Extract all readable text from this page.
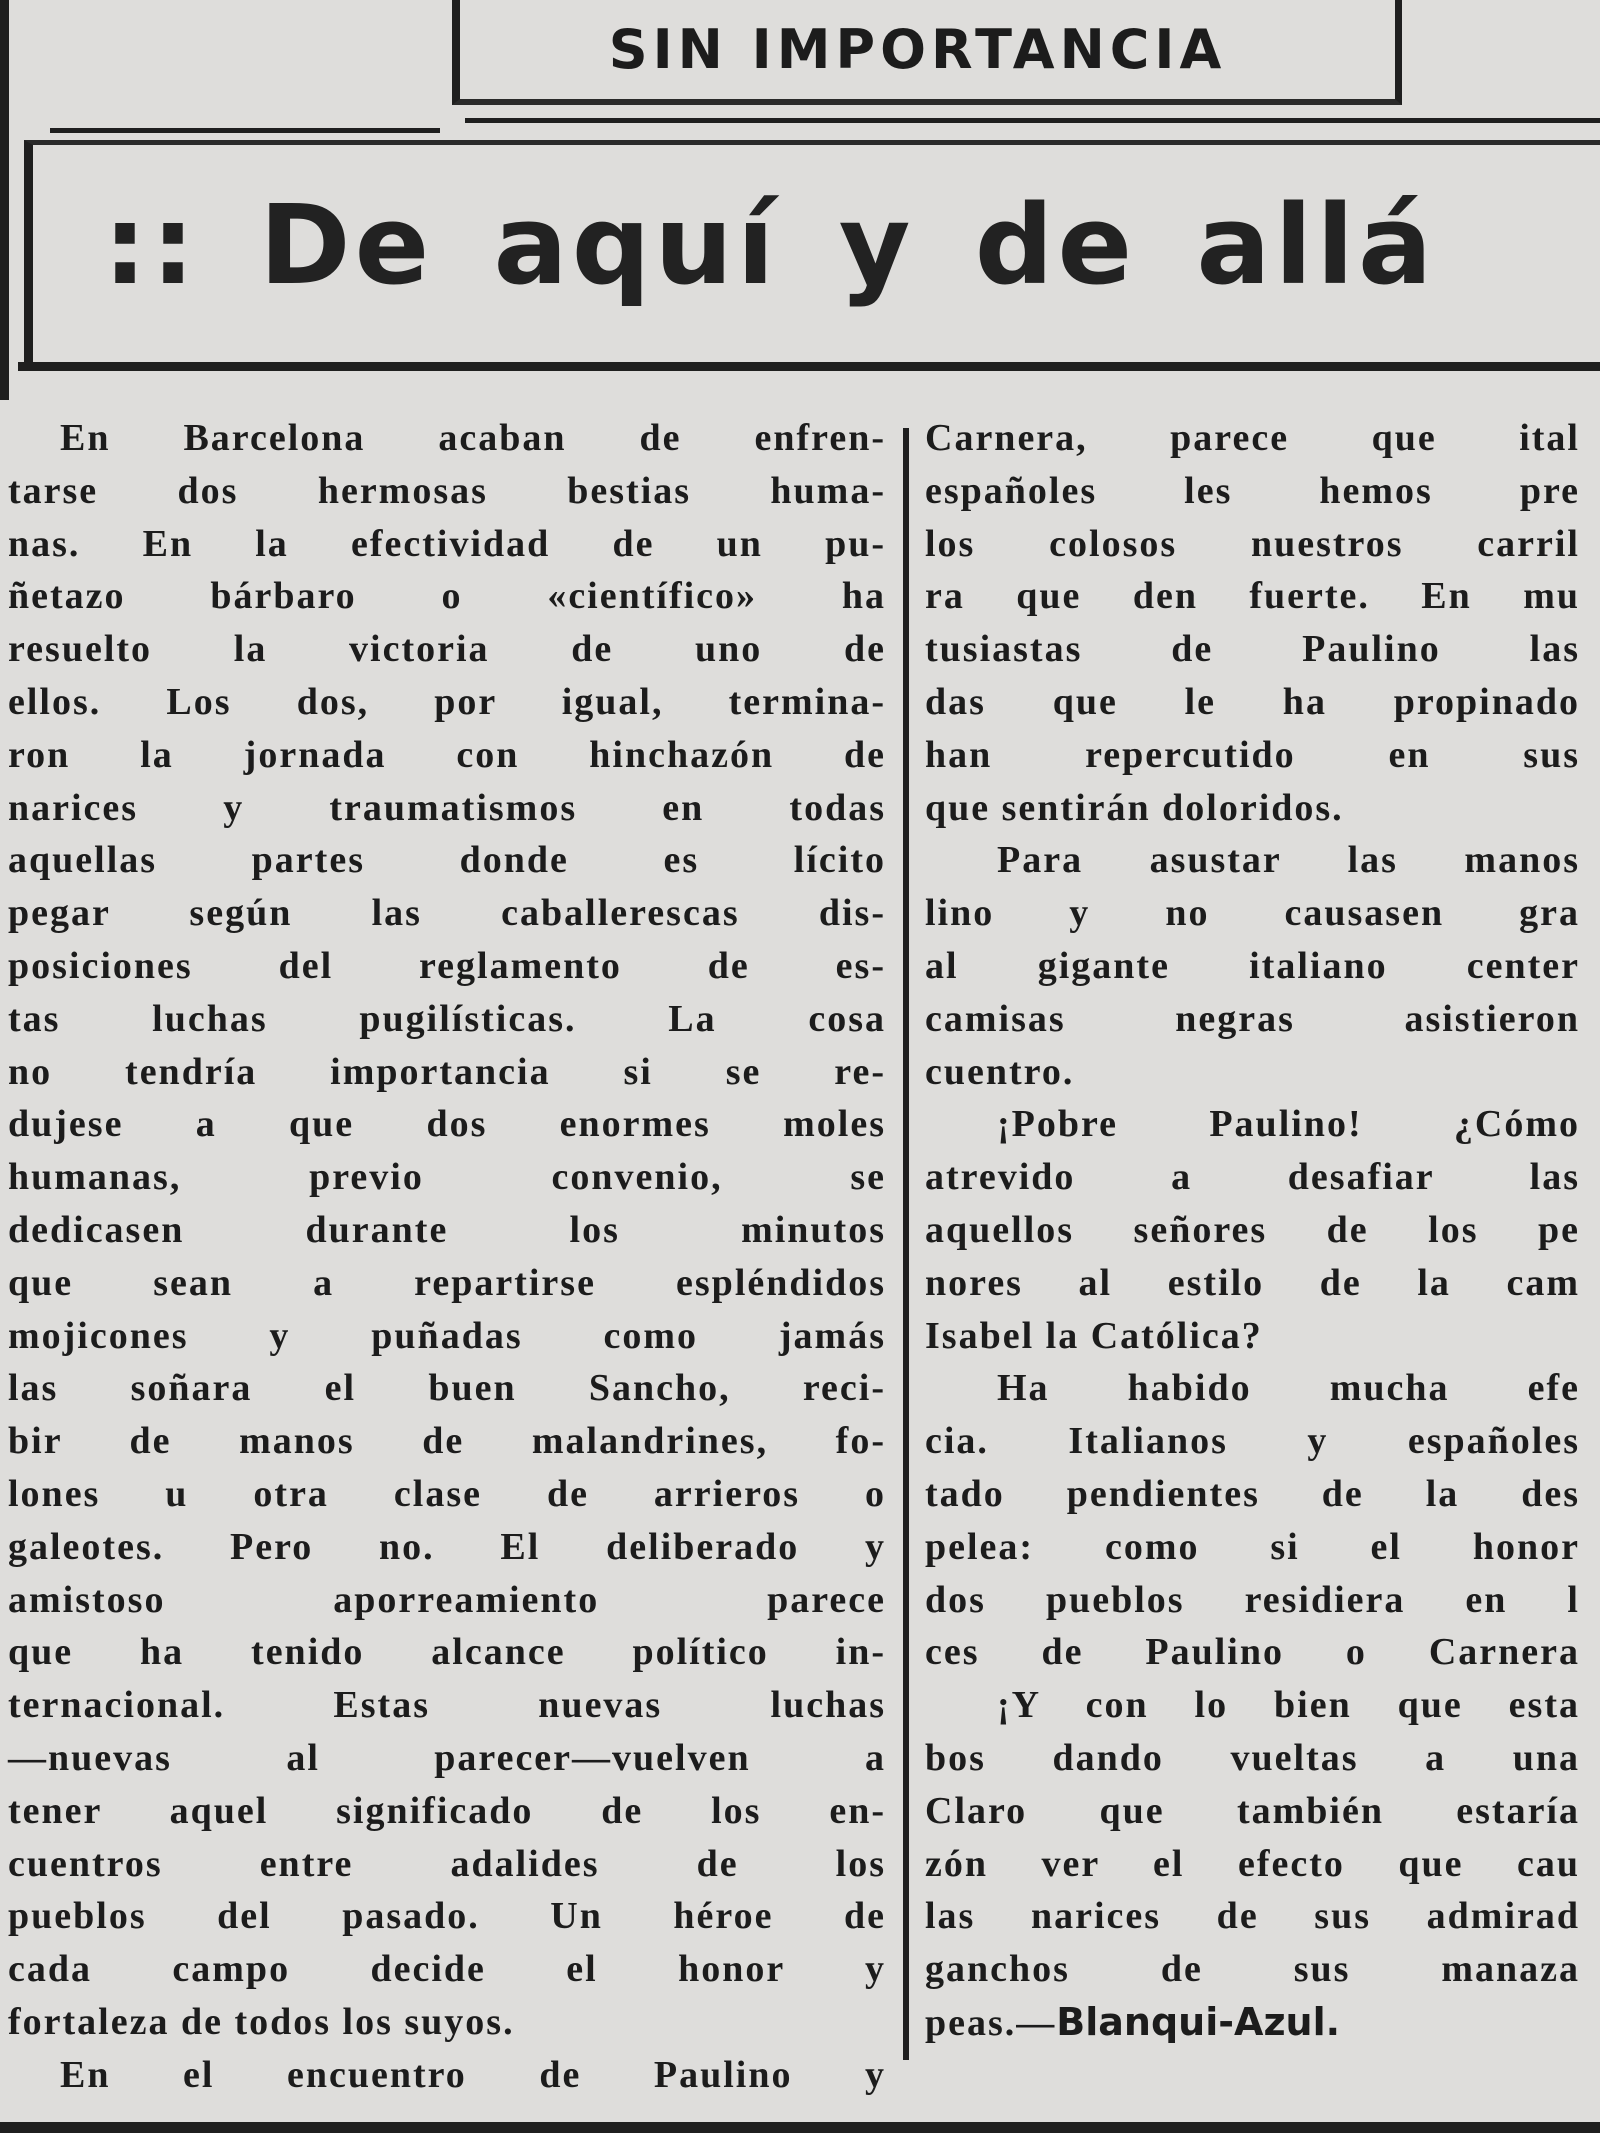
SIN IMPORTANCIA
:: De aquí y de allá
En Barcelona acaban de enfren-
tarse dos hermosas bestias huma-
nas. En la efectividad de un pu-
ñetazo bárbaro o «científico» ha
resuelto la victoria de uno de
ellos. Los dos, por igual, termina-
ron la jornada con hinchazón de
narices y traumatismos en todas
aquellas partes donde es lícito
pegar según las caballerescas dis-
posiciones del reglamento de es-
tas luchas pugilísticas. La cosa
no tendría importancia si se re-
dujese a que dos enormes moles
humanas, previo convenio, se
dedicasen durante los minutos
que sean a repartirse espléndidos
mojicones y puñadas como jamás
las soñara el buen Sancho, reci-
bir de manos de malandrines, fo-
lones u otra clase de arrieros o
galeotes. Pero no. El deliberado y
amistoso aporreamiento parece
que ha tenido alcance político in-
ternacional. Estas nuevas luchas
—nuevas al parecer—vuelven a
tener aquel significado de los en-
cuentros entre adalides de los
pueblos del pasado. Un héroe de
cada campo decide el honor y
fortaleza de todos los suyos.
En el encuentro de Paulino y
Carnera, parece que ital
españoles les hemos pre
los colosos nuestros carril
ra que den fuerte. En mu
tusiastas de Paulino las
das que le ha propinado
han repercutido en sus
que sentirán doloridos.
Para asustar las manos
lino y no causasen gra
al gigante italiano center
camisas negras asistieron
cuentro.
¡Pobre Paulino! ¿Cómo
atrevido a desafiar las
aquellos señores de los pe
nores al estilo de la cam
Isabel la Católica?
Ha habido mucha efe
cia. Italianos y españoles
tado pendientes de la des
pelea: como si el honor
dos pueblos residiera en l
ces de Paulino o Carnera
¡Y con lo bien que esta
bos dando vueltas a una
Claro que también estaría
zón ver el efecto que cau
las narices de sus admirad
ganchos de sus manaza
peas.—Blanqui-Azul.
